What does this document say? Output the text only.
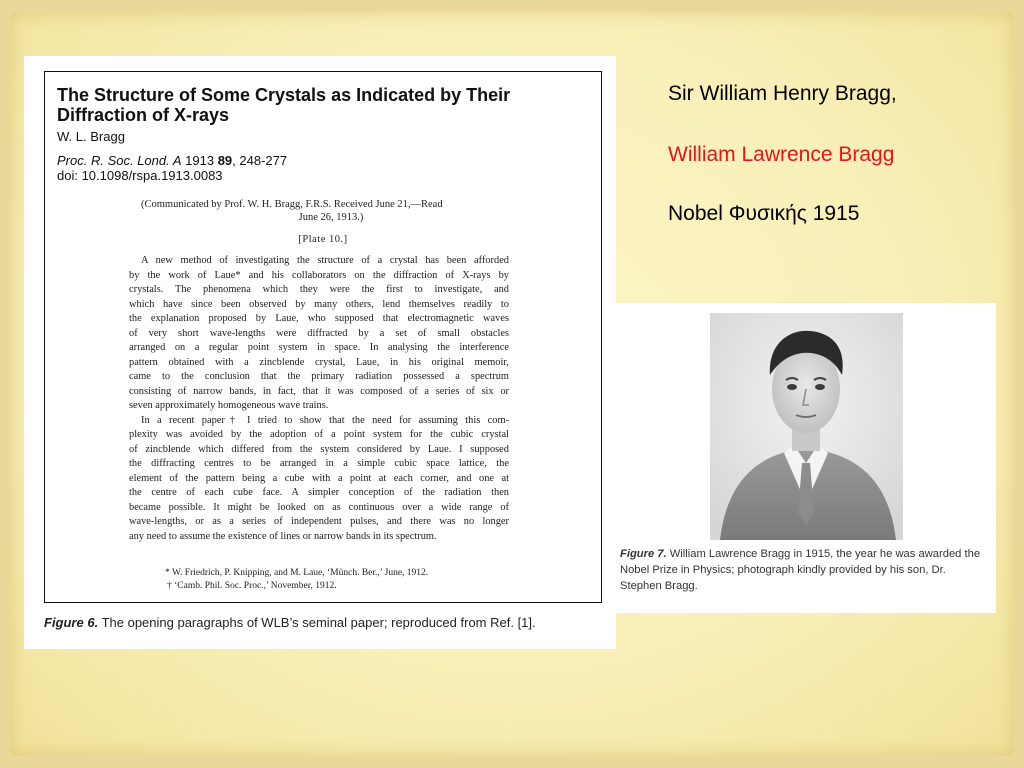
The Structure of Some Crystals as Indicated by Their Diffraction of X-rays
W. L. Bragg
Proc. R. Soc. Lond. A 1913 89, 248-277
doi: 10.1098/rspa.1913.0083
(Communicated by Prof. W. H. Bragg, F.R.S. Received June 21,—Read
June 26, 1913.)
[Plate 10.]
A new method of investigating the structure of a crystal has been afforded
by the work of Laue* and his collaborators on the diffraction of X-rays by
crystals. The phenomena which they were the first to investigate, and
which have since been observed by many others, lend themselves readily to
the explanation proposed by Laue, who supposed that electromagnetic waves
of very short wave-lengths were diffracted by a set of small obstacles
arranged on a regular point system in space. In analysing the interference
pattern obtained with a zincblende crystal, Laue, in his original memoir,
came to the conclusion that the primary radiation possessed a spectrum
consisting of narrow bands, in fact, that it was composed of a series of six or
seven approximately homogeneous wave trains.
In a recent paper† I tried to show that the need for assuming this com-
plexity was avoided by the adoption of a point system for the cubic crystal
of zincblende which differed from the system considered by Laue. I supposed
the diffracting centres to be arranged in a simple cubic space lattice, the
element of the pattern being a cube with a point at each corner, and one at
the centre of each cube face. A simpler conception of the radiation then
became possible. It might be looked on as continuous over a wide range of
wave-lengths, or as a series of independent pulses, and there was no longer
any need to assume the existence of lines or narrow bands in its spectrum.
* W. Friedrich, P. Knipping, and M. Laue, ‘Münch. Ber.,’ June, 1912.
† ‘Camb. Phil. Soc. Proc.,’ November, 1912.
Figure 6. The opening paragraphs of WLB’s seminal paper; reproduced from Ref. [1].
Sir William Henry Bragg,
William Lawrence Bragg
Nobel Φυσικής 1915
Figure 7. William Lawrence Bragg in 1915, the year he was awarded the Nobel Prize in Physics; photograph kindly provided by his son, Dr. Stephen Bragg.
